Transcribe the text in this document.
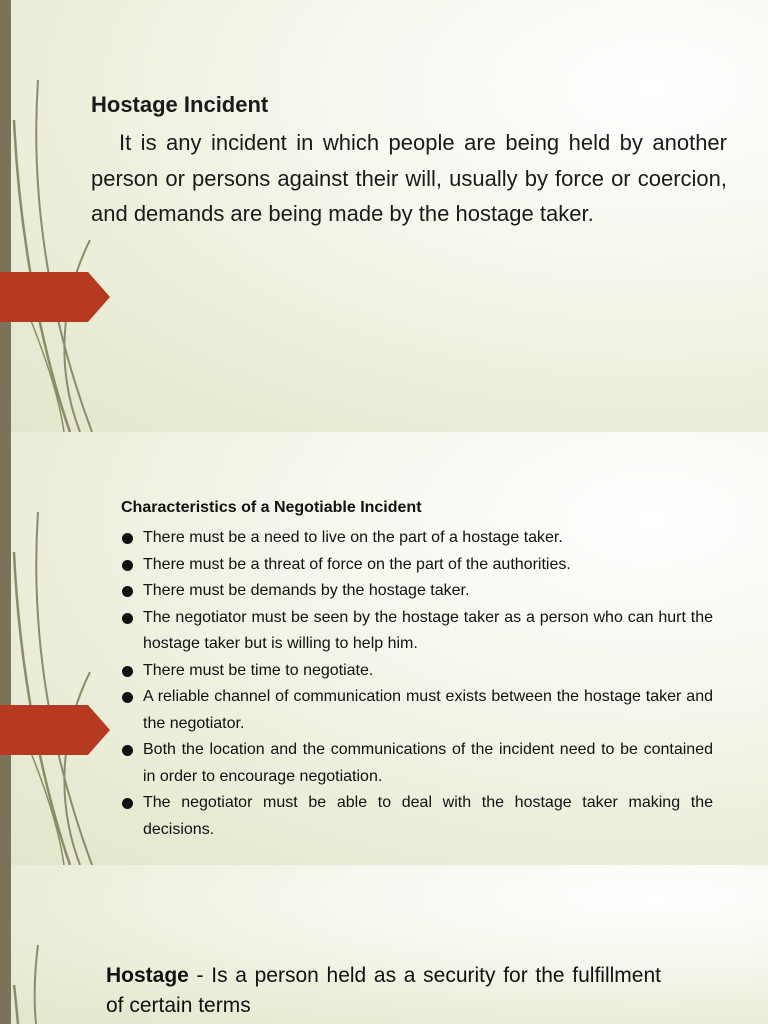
Hostage Incident

It is any incident in which people are being held by another person or persons against their will, usually by force or coercion, and demands are being made by the hostage taker.

Characteristics of a Negotiable Incident
There must be a need to live on the part of a hostage taker.
There must be a threat of force on the part of the authorities.
There must be demands by the hostage taker.
The negotiator must be seen by the hostage taker as a person who can hurt the hostage taker but is willing to help him.
There must be time to negotiate.
A reliable channel of communication must exists between the hostage taker and the negotiator.
Both the location and the communications of the incident need to be contained in order to encourage negotiation.
The negotiator must be able to deal with the hostage taker making the decisions.

Hostage - Is a person held as a security for the fulfillment of certain terms
